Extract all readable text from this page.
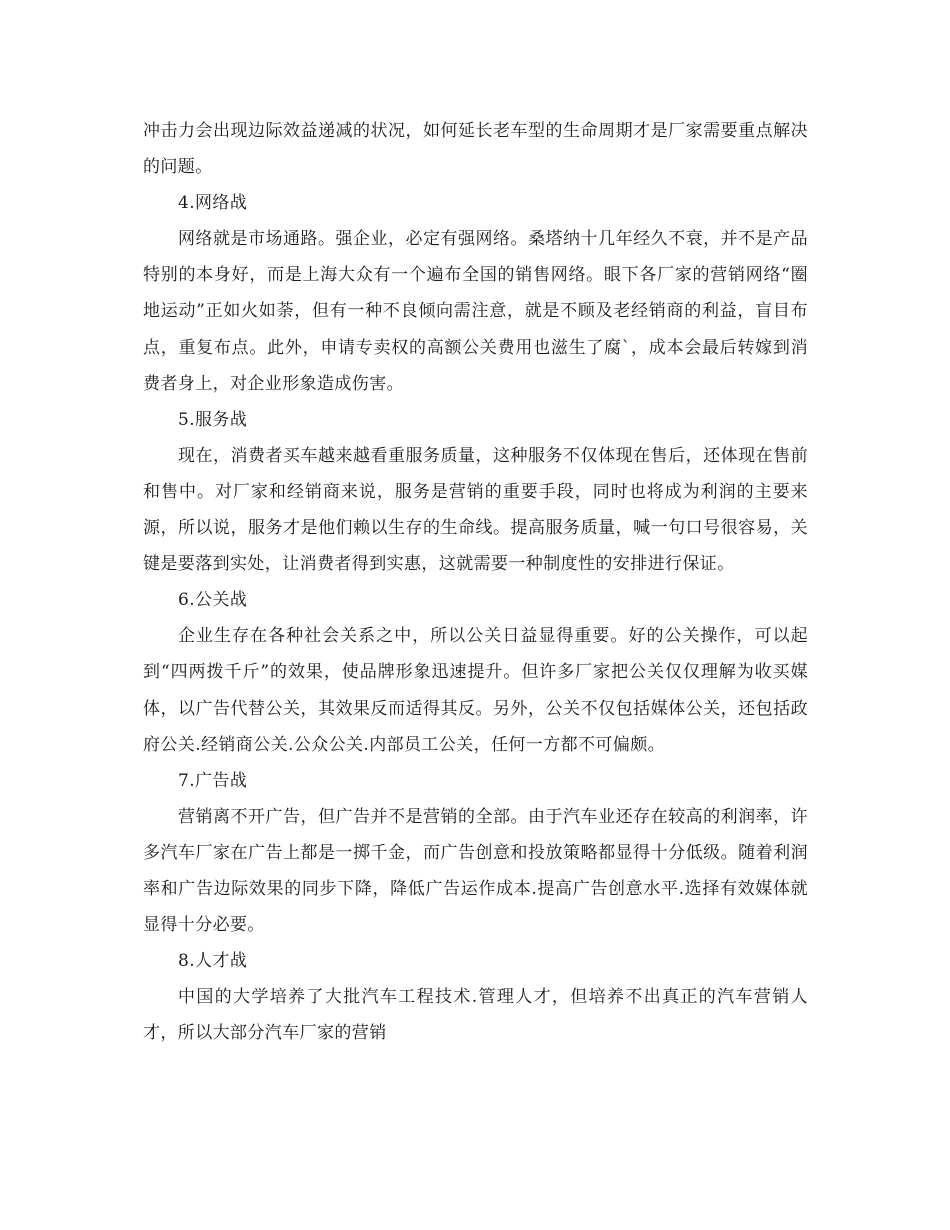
冲击力会出现边际效益递减的状况，如何延长老车型的生命周期才是厂家需要重点解决的问题。

4.网络战

网络就是市场通路。强企业，必定有强网络。桑塔纳十几年经久不衰，并不是产品特别的本身好，而是上海大众有一个遍布全国的销售网络。眼下各厂家的营销网络“圈地运动”正如火如荼，但有一种不良倾向需注意，就是不顾及老经销商的利益，盲目布点，重复布点。此外，申请专卖权的高额公关费用也滋生了腐`，成本会最后转嫁到消费者身上，对企业形象造成伤害。

5.服务战

现在，消费者买车越来越看重服务质量，这种服务不仅体现在售后，还体现在售前和售中。对厂家和经销商来说，服务是营销的重要手段，同时也将成为利润的主要来源，所以说，服务才是他们赖以生存的生命线。提高服务质量，喊一句口号很容易，关键是要落到实处，让消费者得到实惠，这就需要一种制度性的安排进行保证。

6.公关战

企业生存在各种社会关系之中，所以公关日益显得重要。好的公关操作，可以起到“四两拨千斤”的效果，使品牌形象迅速提升。但许多厂家把公关仅仅理解为收买媒体，以广告代替公关，其效果反而适得其反。另外，公关不仅包括媒体公关，还包括政府公关.经销商公关.公众公关.内部员工公关，任何一方都不可偏颇。

7.广告战

营销离不开广告，但广告并不是营销的全部。由于汽车业还存在较高的利润率，许多汽车厂家在广告上都是一掷千金，而广告创意和投放策略都显得十分低级。随着利润率和广告边际效果的同步下降，降低广告运作成本.提高广告创意水平.选择有效媒体就显得十分必要。

8.人才战

中国的大学培养了大批汽车工程技术.管理人才，但培养不出真正的汽车营销人才，所以大部分汽车厂家的营销
